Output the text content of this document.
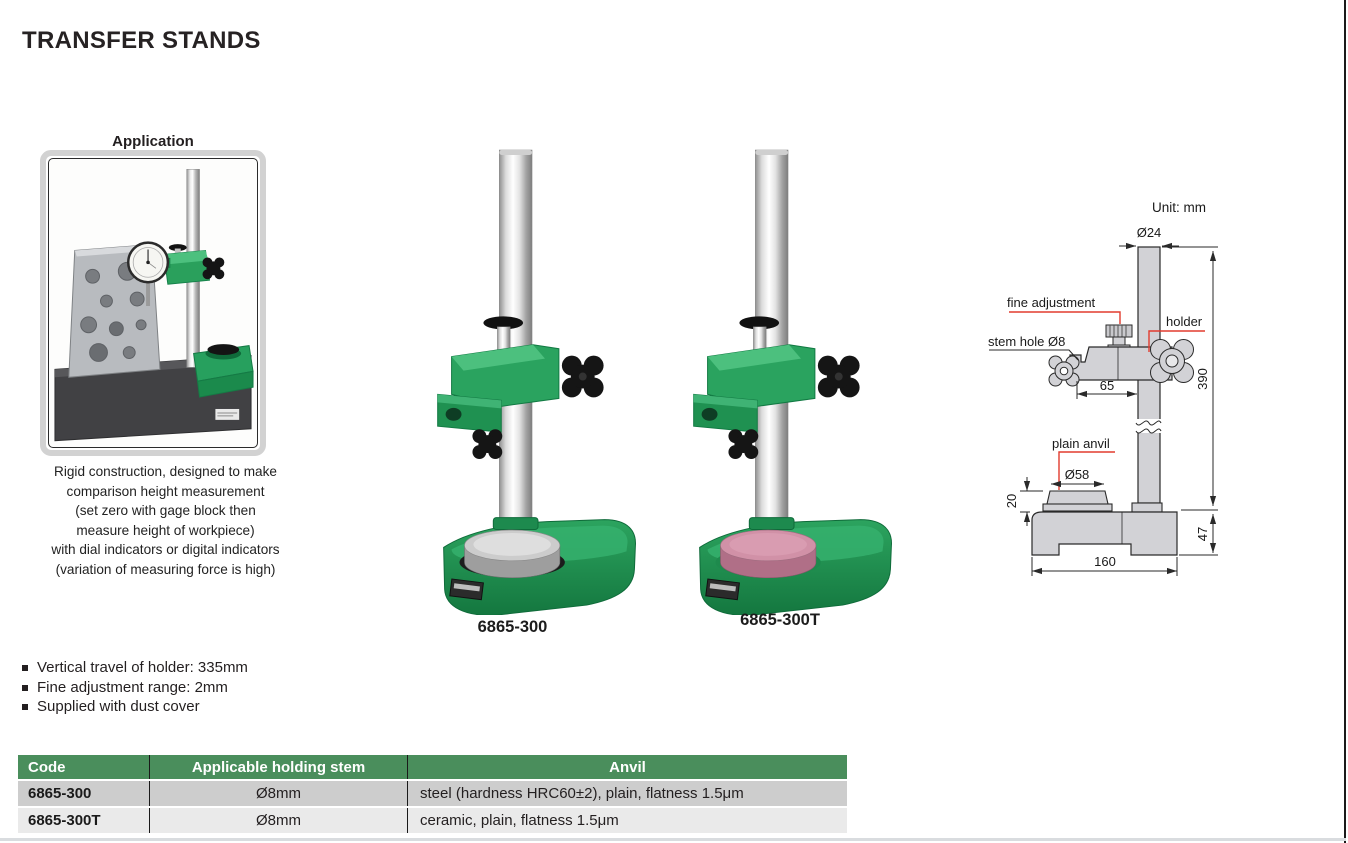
TRANSFER STANDS
Application
Rigid construction, designed to make
comparison height measurement
(set zero with gage block then
measure height of workpiece)
with dial indicators or digital indicators
(variation of measuring force is high)
6865-300	6865-300T
Unit: mm
Ø24
fine adjustment
holder
stem hole Ø8
65	390
plain anvil
Ø58
20
160
47
Vertical travel of holder: 335mm
Fine adjustment range: 2mm
Supplied with dust cover
Code	Applicable holding stem	Anvil
6865-300	Ø8mm	steel (hardness HRC60±2), plain, flatness 1.5μm
6865-300T	Ø8mm	ceramic, plain, flatness 1.5μm
